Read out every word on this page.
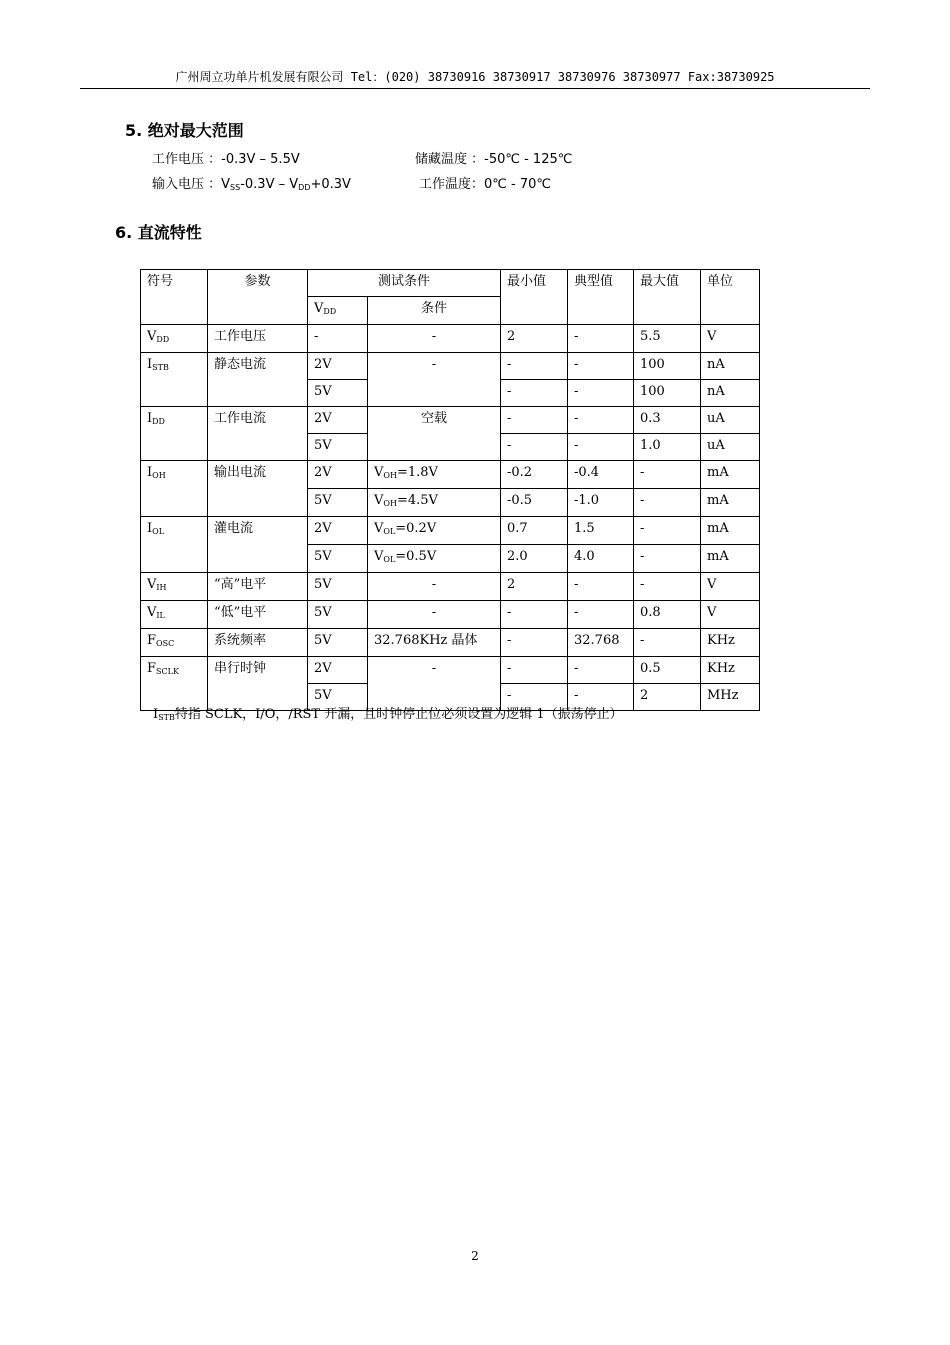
广州周立功单片机发展有限公司 Tel：(020) 38730916 38730917 38730976 38730977 Fax:38730925
5. 绝对最大范围
工作电压 ：-0.3V – 5.5V	储藏温度 ：-50℃ - 125℃
输入电压 ：$V_{SS}-0.3V - V_{DD}+0.3V$	工作温度：0℃ - 70℃
6. 直流特性
符号	参数	测试条件		最小值	典型值	最大值	单位
		$V_{DD}$	条件				
$V_{DD}$	工作电压	-	-	2	-	5.5	V
$I_{STB}$	静态电流	2V	-	-	-	100	nA
		5V		-	-	100	nA
$I_{DD}$	工作电流	2V	空载	-	-	0.3	uA
		5V		-	-	1.0	uA
$I_{OH}$	输出电流	2V	$V_{OH}=1.8V$	-0.2	-0.4	-	mA
		5V	$V_{OH}=4.5V$	-0.5	-1.0	-	mA
$I_{OL}$	灌电流	2V	$V_{OL}=0.2V$	0.7	1.5	-	mA
		5V	$V_{OL}=0.5V$	2.0	4.0	-	mA
$V_{IH}$	“高”电平	5V	-	2	-	-	V
$V_{IL}$	“低”电平	5V	-	-	-	0.8	V
$F_{OSC}$	系统频率	5V	32.768KHz 晶体	-	32.768	-	KHz
$F_{SCLK}$	串行时钟	2V	-	-	-	0.5	KHz
		5V		-	-	2	MHz
$I_{STB}$特指 SCLK，I/O，/RST 开漏，且时钟停止位必须设置为逻辑 1（振荡停止）
2
